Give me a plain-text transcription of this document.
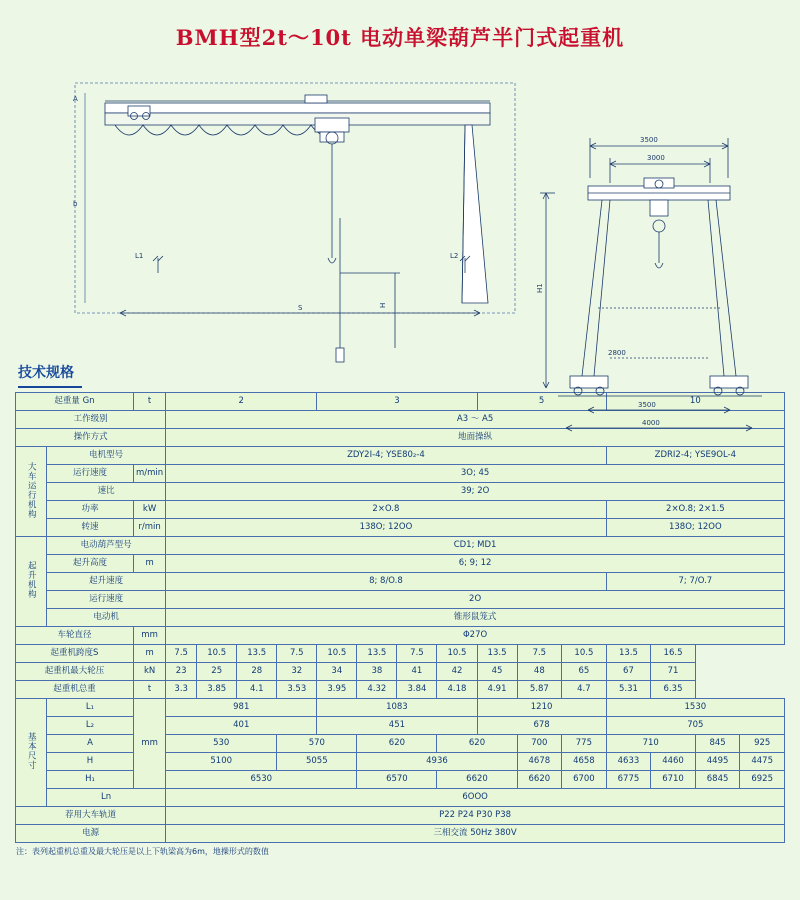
BMH型2t～10t 电动单梁葫芦半门式起重机
A
b
L1	L2
H
S
3500
3000
2800
3500
4000
H1
技术规格
起重量 Gn		t	2				3				5			10			
工作级别			A3 ～ A5														
操作方式			地面操纵														
大车运行机构	电机型号		ZDY2I-4; YSE80₂-4											ZDRI2-4; YSE9OL-4			
	运行速度	m/min	3O; 45														
	速比		39; 2O														
	功率	kW	2×O.8											2×O.8; 2×1.5			
	转速	r/min	138O; 12OO											138O; 12OO			
起升机构	电动葫芦型号		CD1; MD1														
	起升高度	m	6; 9; 12														
	起升速度		8; 8/O.8											7; 7/O.7			
	运行速度		2O														
	电动机		锥形鼠笼式														
车轮直径		mm	Φ27O														
起重机跨度S		m	7.5	10.5	13.5	7.5	10.5	13.5	7.5	10.5	13.5	7.5	10.5	13.5	16.5		
起重机最大轮压		kN	23	25	28	32	34	38	41	42	45	48	65	67	71		
起重机总重		t	3.3	3.85	4.1	3.53	3.95	4.32	3.84	4.18	4.91	5.87	4.7	5.31	6.35		
基本尺寸	L₁	mm	981				1083				1210			1530			
	L₂		401				451				678			705			
	A		530			570		620		620		700	775	710		845	925
	H		5100			5055		4936				4678	4658	4633	4460	4495	4475
	H₁		6530					6570		6620		6620	6700	6775	6710	6845	6925
	Ln		6OOO														
荐用大车轨道			P22 P24 P30 P38														
电源			三相交流 50Hz 380V														
注：表列起重机总重及最大轮压是以上下轨梁高为6m，地操形式的数值
